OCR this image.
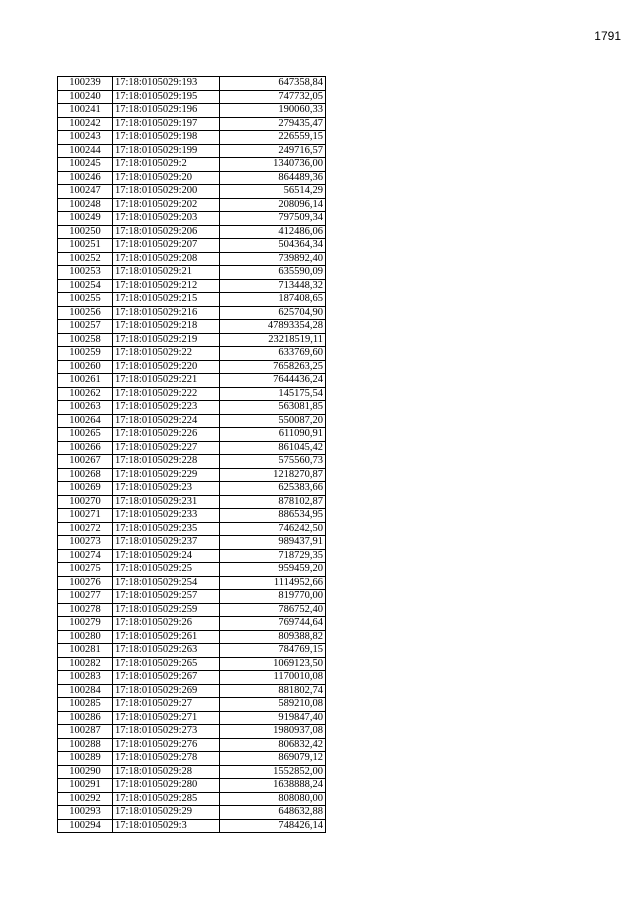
1791
100239	17:18:0105029:193	647358,84
100240	17:18:0105029:195	747732,05
100241	17:18:0105029:196	190060,33
100242	17:18:0105029:197	279435,47
100243	17:18:0105029:198	226559,15
100244	17:18:0105029:199	249716,57
100245	17:18:0105029:2	1340736,00
100246	17:18:0105029:20	864489,36
100247	17:18:0105029:200	56514,29
100248	17:18:0105029:202	208096,14
100249	17:18:0105029:203	797509,34
100250	17:18:0105029:206	412486,06
100251	17:18:0105029:207	504364,34
100252	17:18:0105029:208	739892,40
100253	17:18:0105029:21	635590,09
100254	17:18:0105029:212	713448,32
100255	17:18:0105029:215	187408,65
100256	17:18:0105029:216	625704,90
100257	17:18:0105029:218	47893354,28
100258	17:18:0105029:219	23218519,11
100259	17:18:0105029:22	633769,60
100260	17:18:0105029:220	7658263,25
100261	17:18:0105029:221	7644436,24
100262	17:18:0105029:222	145175,54
100263	17:18:0105029:223	563081,85
100264	17:18:0105029:224	550087,20
100265	17:18:0105029:226	611090,91
100266	17:18:0105029:227	861045,42
100267	17:18:0105029:228	575560,73
100268	17:18:0105029:229	1218270,87
100269	17:18:0105029:23	625383,66
100270	17:18:0105029:231	878102,87
100271	17:18:0105029:233	886534,95
100272	17:18:0105029:235	746242,50
100273	17:18:0105029:237	989437,91
100274	17:18:0105029:24	718729,35
100275	17:18:0105029:25	959459,20
100276	17:18:0105029:254	1114952,66
100277	17:18:0105029:257	819770,00
100278	17:18:0105029:259	786752,40
100279	17:18:0105029:26	769744,64
100280	17:18:0105029:261	809388,82
100281	17:18:0105029:263	784769,15
100282	17:18:0105029:265	1069123,50
100283	17:18:0105029:267	1170010,08
100284	17:18:0105029:269	881802,74
100285	17:18:0105029:27	589210,08
100286	17:18:0105029:271	919847,40
100287	17:18:0105029:273	1980937,08
100288	17:18:0105029:276	806832,42
100289	17:18:0105029:278	869079,12
100290	17:18:0105029:28	1552852,00
100291	17:18:0105029:280	1638888,24
100292	17:18:0105029:285	808080,00
100293	17:18:0105029:29	648632,88
100294	17:18:0105029:3	748426,14
